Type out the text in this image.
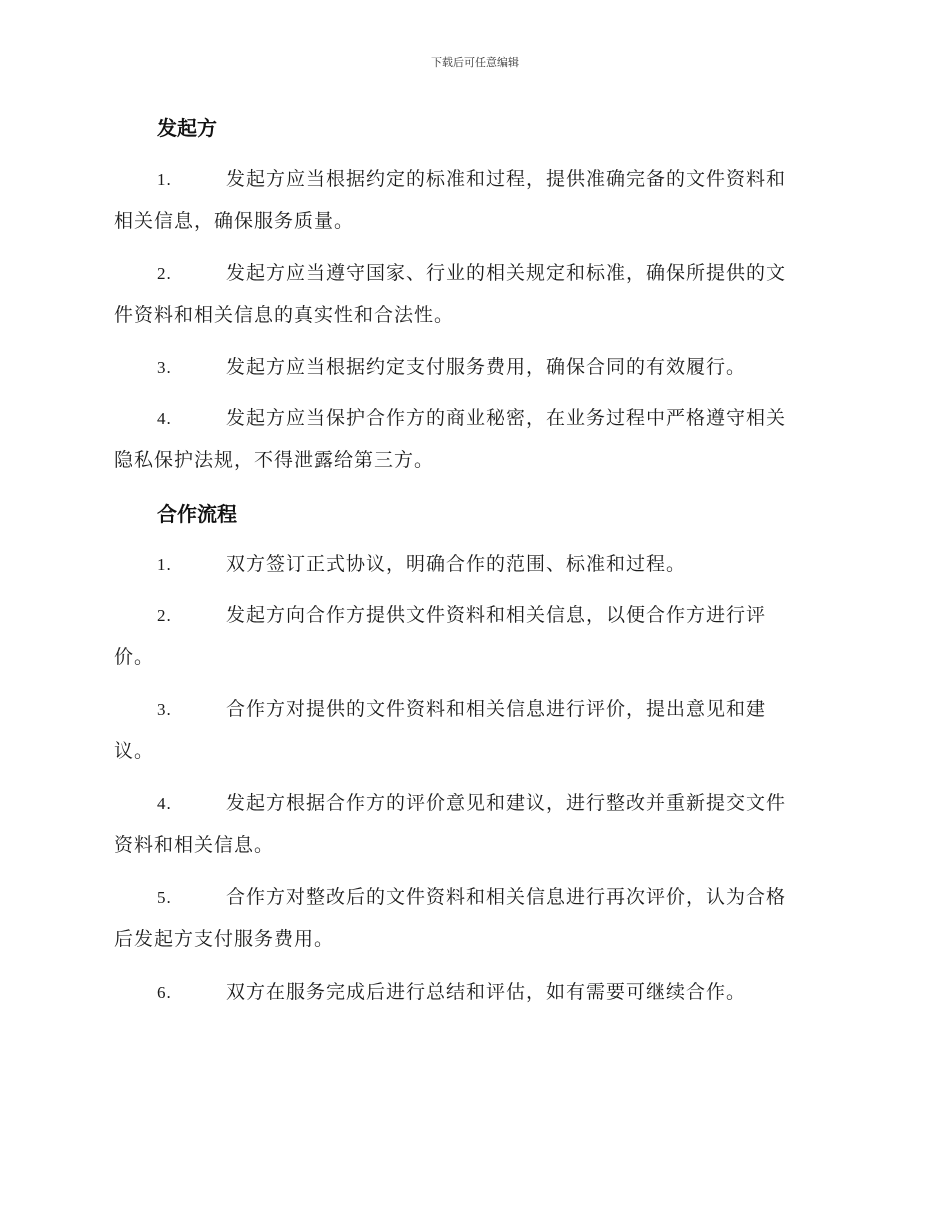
下载后可任意编辑
发起方
1.	发起方应当根据约定的标准和过程，提供准确完备的文件资料和
相关信息，确保服务质量。
2.	发起方应当遵守国家、行业的相关规定和标准，确保所提供的文
件资料和相关信息的真实性和合法性。
3.	发起方应当根据约定支付服务费用，确保合同的有效履行。
4.	发起方应当保护合作方的商业秘密，在业务过程中严格遵守相关
隐私保护法规，不得泄露给第三方。
合作流程
1.	双方签订正式协议，明确合作的范围、标准和过程。
2.	发起方向合作方提供文件资料和相关信息，以便合作方进行评
价。
3.	合作方对提供的文件资料和相关信息进行评价，提出意见和建
议。
4.	发起方根据合作方的评价意见和建议，进行整改并重新提交文件
资料和相关信息。
5.	合作方对整改后的文件资料和相关信息进行再次评价，认为合格
后发起方支付服务费用。
6.	双方在服务完成后进行总结和评估，如有需要可继续合作。
